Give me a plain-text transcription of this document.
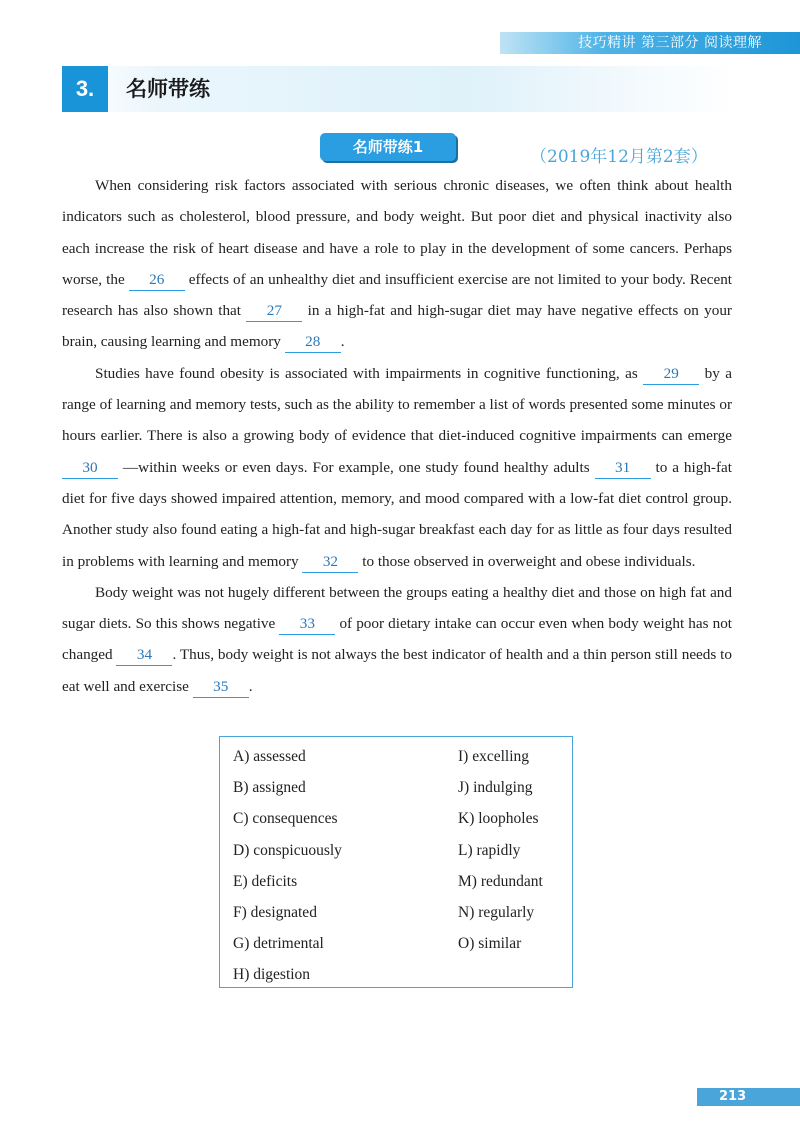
技巧精讲 第三部分 阅读理解
3.	名师带练
名师带练1	（2019年12月第2套）

When considering risk factors associated with serious chronic diseases, we often think about health indicators such as cholesterol, blood pressure, and body weight. But poor diet and physical inactivity also each increase the risk of heart disease and have a role to play in the development of some cancers. Perhaps worse, the 26 effects of an unhealthy diet and insufficient exercise are not limited to your body. Recent research has also shown that 27 in a high-fat and high-sugar diet may have negative effects on your brain, causing learning and memory 28 .

Studies have found obesity is associated with impairments in cognitive functioning, as 29 by a range of learning and memory tests, such as the ability to remember a list of words presented some minutes or hours earlier. There is also a growing body of evidence that diet-induced cognitive impairments can emerge 30 —within weeks or even days. For example, one study found healthy adults 31 to a high-fat diet for five days showed impaired attention, memory, and mood compared with a low-fat diet control group. Another study also found eating a high-fat and high-sugar breakfast each day for as little as four days resulted in problems with learning and memory 32 to those observed in overweight and obese individuals.

Body weight was not hugely different between the groups eating a healthy diet and those on high fat and sugar diets. So this shows negative 33 of poor dietary intake can occur even when body weight has not changed 34 . Thus, body weight is not always the best indicator of health and a thin person still needs to eat well and exercise 35 .

A) assessed
B) assigned
C) consequences
D) conspicuously
E) deficits
F) designated
G) detrimental
H) digestion
I) excelling
J) indulging
K) loopholes
L) rapidly
M) redundant
N) regularly
O) similar
213
